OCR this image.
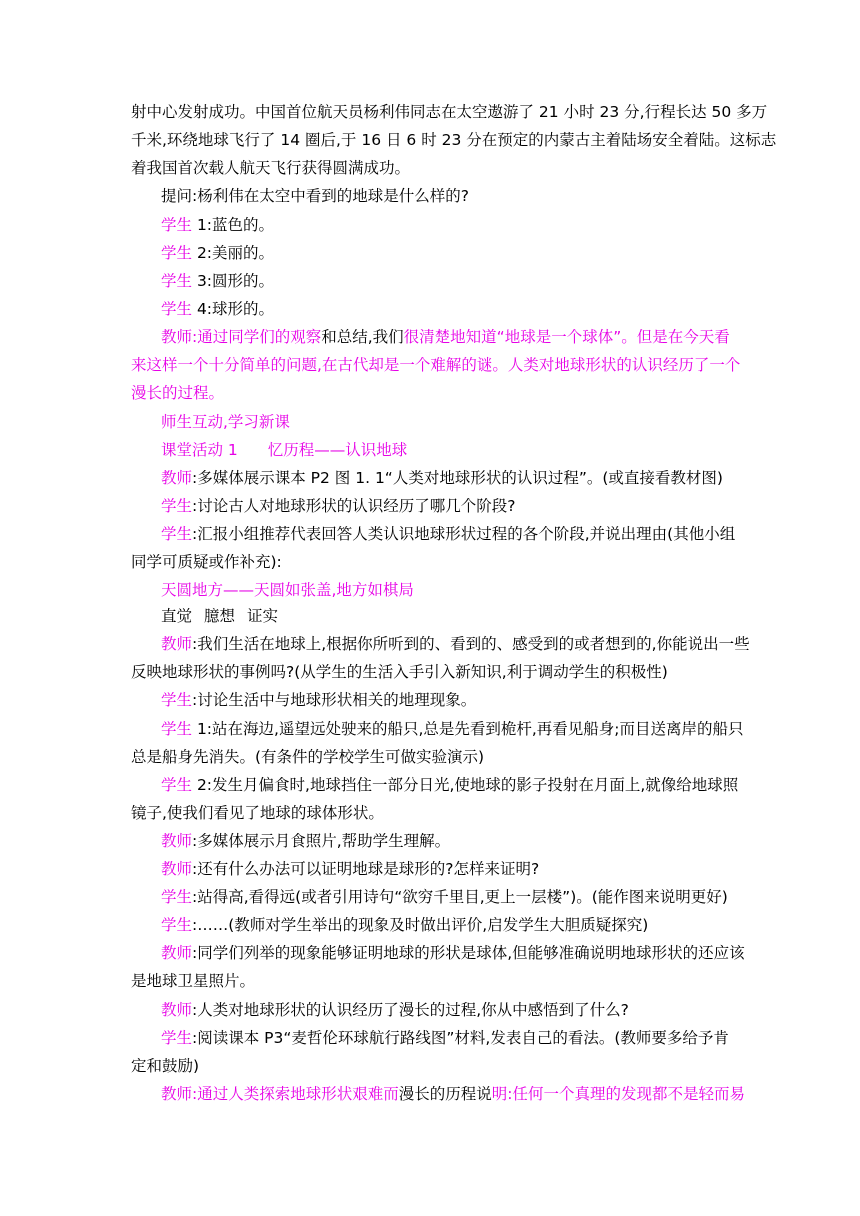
射中心发射成功。中国首位航天员杨利伟同志在太空遨游了 21 小时 23 分,行程长达 50 多万
千米,环绕地球飞行了 14 圈后,于 16 日 6 时 23 分在预定的内蒙古主着陆场安全着陆。这标志
着我国首次载人航天飞行获得圆满成功。
提问:杨利伟在太空中看到的地球是什么样的?
学生 1:蓝色的。
学生 2:美丽的。
学生 3:圆形的。
学生 4:球形的。
教师:通过同学们的观察和总结,我们很清楚地知道“地球是一个球体”。但是在今天看
来这样一个十分简单的问题,在古代却是一个难解的谜。人类对地球形状的认识经历了一个
漫长的过程。
师生互动,学习新课
课堂活动 1 忆历程——认识地球
教师:多媒体展示课本 P2 图 1. 1“人类对地球形状的认识过程”。(或直接看教材图)
学生:讨论古人对地球形状的认识经历了哪几个阶段?
学生:汇报小组推荐代表回答人类认识地球形状过程的各个阶段,并说出理由(其他小组
同学可质疑或作补充):
天圆地方——天圆如张盖,地方如棋局
直觉 臆想 证实
教师:我们生活在地球上,根据你所听到的、看到的、感受到的或者想到的,你能说出一些
反映地球形状的事例吗?(从学生的生活入手引入新知识,利于调动学生的积极性)
学生:讨论生活中与地球形状相关的地理现象。
学生 1:站在海边,遥望远处驶来的船只,总是先看到桅杆,再看见船身;而目送离岸的船只
总是船身先消失。(有条件的学校学生可做实验演示)
学生 2:发生月偏食时,地球挡住一部分日光,使地球的影子投射在月面上,就像给地球照
镜子,使我们看见了地球的球体形状。
教师:多媒体展示月食照片,帮助学生理解。
教师:还有什么办法可以证明地球是球形的?怎样来证明?
学生:站得高,看得远(或者引用诗句“欲穷千里目,更上一层楼”)。(能作图来说明更好)
学生:……(教师对学生举出的现象及时做出评价,启发学生大胆质疑探究)
教师:同学们列举的现象能够证明地球的形状是球体,但能够准确说明地球形状的还应该
是地球卫星照片。
教师:人类对地球形状的认识经历了漫长的过程,你从中感悟到了什么?
学生:阅读课本 P3“麦哲伦环球航行路线图”材料,发表自己的看法。(教师要多给予肯
定和鼓励)
教师:通过人类探索地球形状艰难而漫长的历程说明:任何一个真理的发现都不是轻而易
